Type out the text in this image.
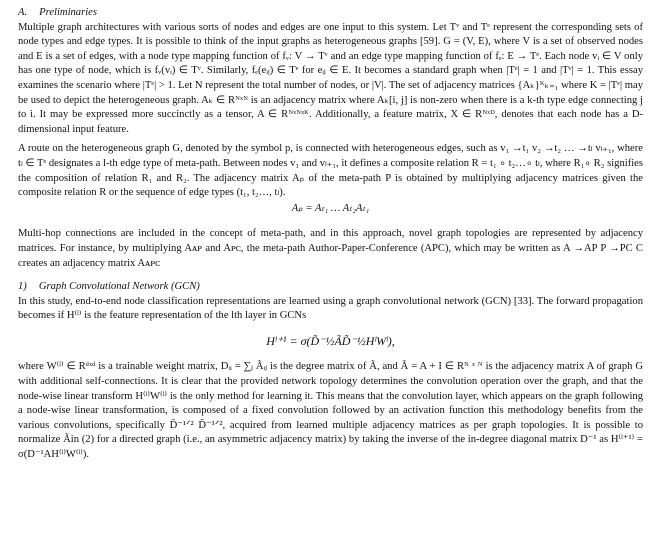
A. Preliminaries

Multiple graph architectures with various sorts of nodes and edges are one input to this system. Let Tᵛ and Tᵉ represent the corresponding sets of node types and edge types. It is possible to think of the input graphs as heterogeneous graphs [59]. G = (V, E), where V is a set of observed nodes and E is a set of edges, with a node type mapping function of fᵥ: V → Tᵛ and an edge type mapping function of fₑ: E → Tᵉ. Each node vᵢ ∈ V only has one type of node, which is fᵥ(vᵢ) ∈ Tᵛ. Similarly, fₑ(eᵢⱼ) ∈ Tᵉ for eᵢⱼ ∈ E. It becomes a standard graph when |Tᵉ| = 1 and |Tᵛ| = 1. This essay examines the scenario where |Tᵉ| > 1. Let N represent the total number of nodes, or |V|. The set of adjacency matrices {Aₖ}ᴷₖ₌₁ where K = |Tᵉ| may be used to depict the heterogeneous graph. Aₖ ∈ Rᴺˣᴺ is an adjacency matrix where Aₖ[i, j] is non-zero when there is a k-th type edge connecting j to i. It may be expressed more succinctly as a tensor, A ∈ Rᴺˣᴺˣᴷ. Additionally, a feature matrix, X ∈ Rᴺˣᴰ, denotes that each node has a D-dimensional input feature.

A route on the heterogeneous graph G, denoted by the symbol p, is connected with heterogeneous edges, such as v₁ →t₁ v₂ →t₂ … →tₗ vₗ₊₁, where tₗ ∈ Tᵉ designates a l-th edge type of meta-path. Between nodes v₁ and vₗ₊₁, it defines a composite relation R = t₁ ∘ t₂…∘ tₗ, where R₁∘ R₂ signifies the composition of relation R₁ and R₂. The adjacency matrix Aₚ of the meta-path P is obtained by multiplying adjacency matrices given the composite relation R or the sequence of edge types (t₁, t₂…, tₗ).

Aₚ = Aₜ₁ … Aₜ₂Aₜ₁

Multi-hop connections are included in the concept of meta-path, and in this approach, novel graph topologies are represented by adjacency matrices. For instance, by multiplying Aᴀᴘ and Aᴘᴄ, the meta-path Author-Paper-Conference (APC), which may be written as A →AP P →PC C creates an adjacency matrix Aᴀᴘᴄ

1) Graph Convolutional Network (GCN)

In this study, end-to-end node classification representations are learned using a graph convolutional network (GCN) [33]. The forward propagation becomes if H⁽ˡ⁾ is the feature representation of the lth layer in GCNs

Hˡ⁺¹ = σ(D̃⁻½ÃD̃⁻½HˡWˡ),

where W⁽ˡ⁾ ∈ Rᵈˣᵈ is a trainable weight matrix, Dᵢᵢ = ∑ⱼ Ãᵢⱼ is the degree matrix of Ã, and Ã = A + I ∈ Rᴺ ˣ ᴺ is the adjacency matrix A of graph G with additional self-connections. It is clear that the provided network topology determines the convolution operation over the graph, and that the node-wise linear transform H⁽ˡ⁾W⁽ˡ⁾ is the only method for learning it. This means that the convolution layer, which appears on the graph following a node-wise linear transformation, is composed of a fixed convolution followed by an activation function this methodology benefits from the various convolutions, specifically D̃⁻¹ᐟ² D̃⁻¹ᐟ², acquired from learned multiple adjacency matrices as per graph topologies. It is possible to normalize Ãin (2) for a directed graph (i.e., an asymmetric adjacency matrix) by taking the inverse of the in-degree diagonal matrix D⁻¹ as H⁽ˡ⁺¹⁾ = σ(D⁻¹AH⁽ˡ⁾W⁽ˡ⁾).
